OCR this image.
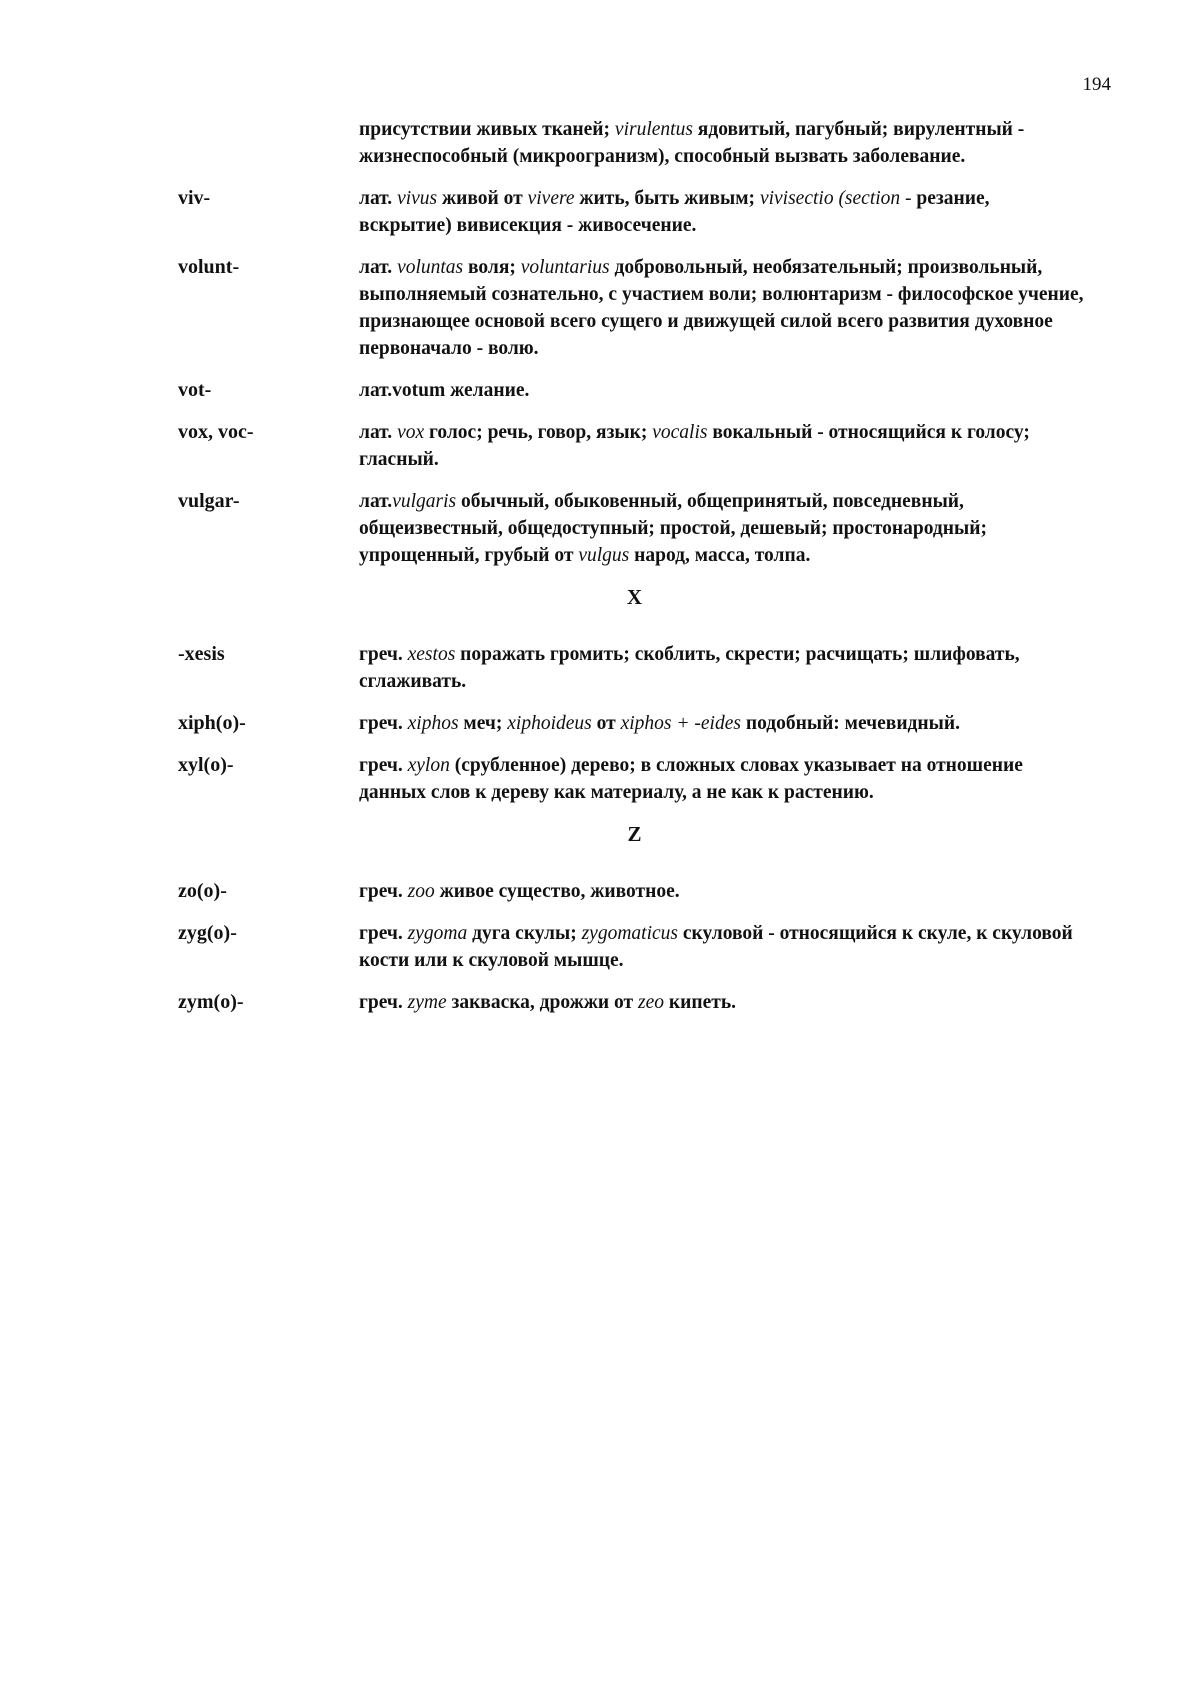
194
присутствии живых тканей; virulentus ядовитый, пагубный; вирулентный - жизнеспособный (микроогранизм), способный вызвать заболевание.
viv-	лат. vivus живой от vivere жить, быть живым; vivisectio (section - резание, вскрытие) вивисекция - живосечение.
volunt-	лат. voluntas воля; voluntarius добровольный, необязательный; произвольный, выполняемый сознательно, с участием воли; волюнтаризм - философское учение, признающее основой всего сущего и движущей силой всего развития духовное первоначало - волю.
vot-	лат.votum желание.
vox, voc-	лат. vox голос; речь, говор, язык; vocalis вокальный - относящийся к голосу; гласный.
vulgar-	лат.vulgaris обычный, обыковенный, общепринятый, повседневный, общеизвестный, общедоступный; простой, дешевый; простонародный; упрощенный, грубый от vulgus народ, масса, толпа.
X
-xesis	греч. xestos поражать громить; скоблить, скрести; расчищать; шлифовать, сглаживать.
xiph(o)-	греч. xiphos меч; xiphoideus от xiphos + -eides подобный: мечевидный.
xyl(o)-	греч. xylon (срубленное) дерево; в сложных словах указывает на отношение данных слов к дереву как материалу, а не как к растению.
Z
zo(o)-	греч. zoo живое существо, животное.
zyg(o)-	греч. zygoma дуга скулы; zygomaticus скуловой - относящийся к скуле, к скуловой кости или к скуловой мышце.
zym(o)-	греч. zyme закваска, дрожжи от zeo кипеть.
